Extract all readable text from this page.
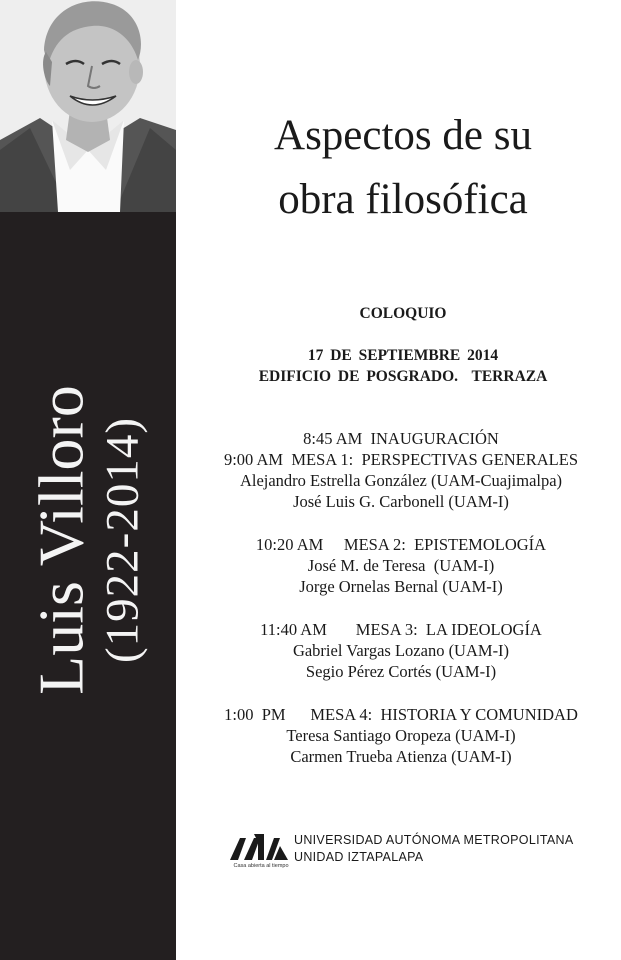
Luis Villoro (1922-2014)
Aspectos de su
obra filosófica
COLOQUIO
17 DE SEPTIEMBRE 2014
EDIFICIO DE POSGRADO.  TERRAZA
8:45 AM  INAUGURACIÓN
9:00 AM  MESA 1:  PERSPECTIVAS GENERALES
Alejandro Estrella González (UAM-Cuajimalpa)
José Luis G. Carbonell (UAM-I)
10:20 AM     MESA 2:  EPISTEMOLOGÍA
José M. de Teresa  (UAM-I)
Jorge Ornelas Bernal (UAM-I)
11:40 AM       MESA 3:  LA IDEOLOGÍA
Gabriel Vargas Lozano (UAM-I)
Segio Pérez Cortés (UAM-I)
1:00  PM      MESA 4:  HISTORIA Y COMUNIDAD
Teresa Santiago Oropeza (UAM-I)
Carmen Trueba Atienza (UAM-I)
Casa abierta al tiempo
UNIVERSIDAD AUTÓNOMA METROPOLITANA
UNIDAD IZTAPALAPA
